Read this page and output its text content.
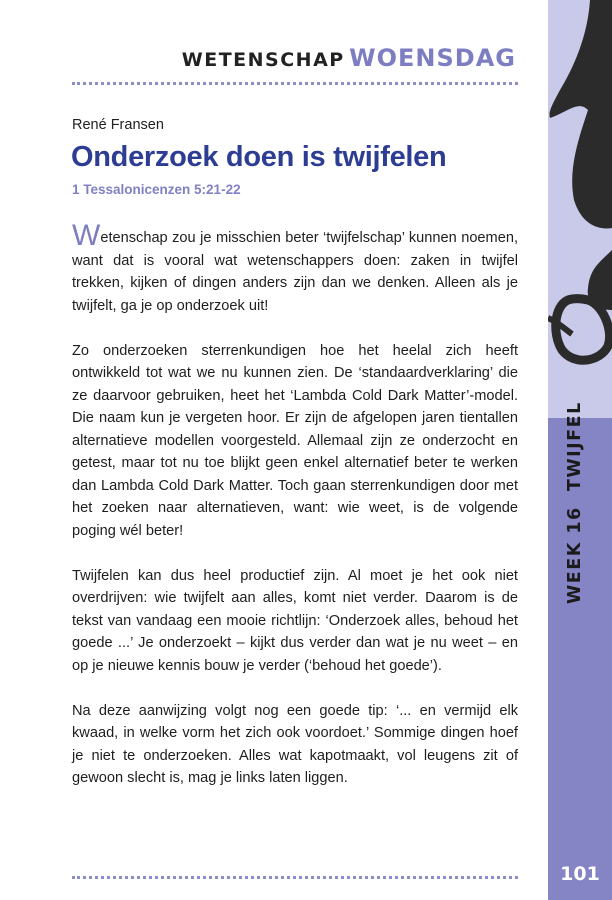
WETENSCHAP WOENSDAG
René Fransen
Onderzoek doen is twijfelen
1 Tessalonicenzen 5:21-22

Wetenschap zou je misschien beter ‘twijfelschap’ kunnen noemen, want dat is vooral wat wetenschappers doen: zaken in twijfel trekken, kijken of dingen anders zijn dan we denken. Alleen als je twijfelt, ga je op onderzoek uit!

Zo onderzoeken sterrenkundigen hoe het heelal zich heeft ontwikkeld tot wat we nu kunnen zien. De ‘standaardverklaring’ die ze daarvoor gebruiken, heet het ‘Lambda Cold Dark Matter’-model. Die naam kun je vergeten hoor. Er zijn de afgelopen jaren tientallen alternatieve modellen voorgesteld. Allemaal zijn ze onderzocht en getest, maar tot nu toe blijkt geen enkel alternatief beter te werken dan Lambda Cold Dark Matter. Toch gaan sterrenkundigen door met het zoeken naar alternatieven, want: wie weet, is de volgende poging wél beter!

Twijfelen kan dus heel productief zijn. Al moet je het ook niet overdrijven: wie twijfelt aan alles, komt niet verder. Daarom is de tekst van vandaag een mooie richtlijn: ‘Onderzoek alles, behoud het goede ...’ Je onderzoekt – kijkt dus verder dan wat je nu weet – en op je nieuwe kennis bouw je verder (‘behoud het goede’).

Na deze aanwijzing volgt nog een goede tip: ‘... en vermijd elk kwaad, in welke vorm het zich ook voordoet.’ Sommige dingen hoef je niet te onderzoeken. Alles wat kapotmaakt, vol leugens zit of gewoon slecht is, mag je links laten liggen.

WEEK 16  TWIJFEL
101
